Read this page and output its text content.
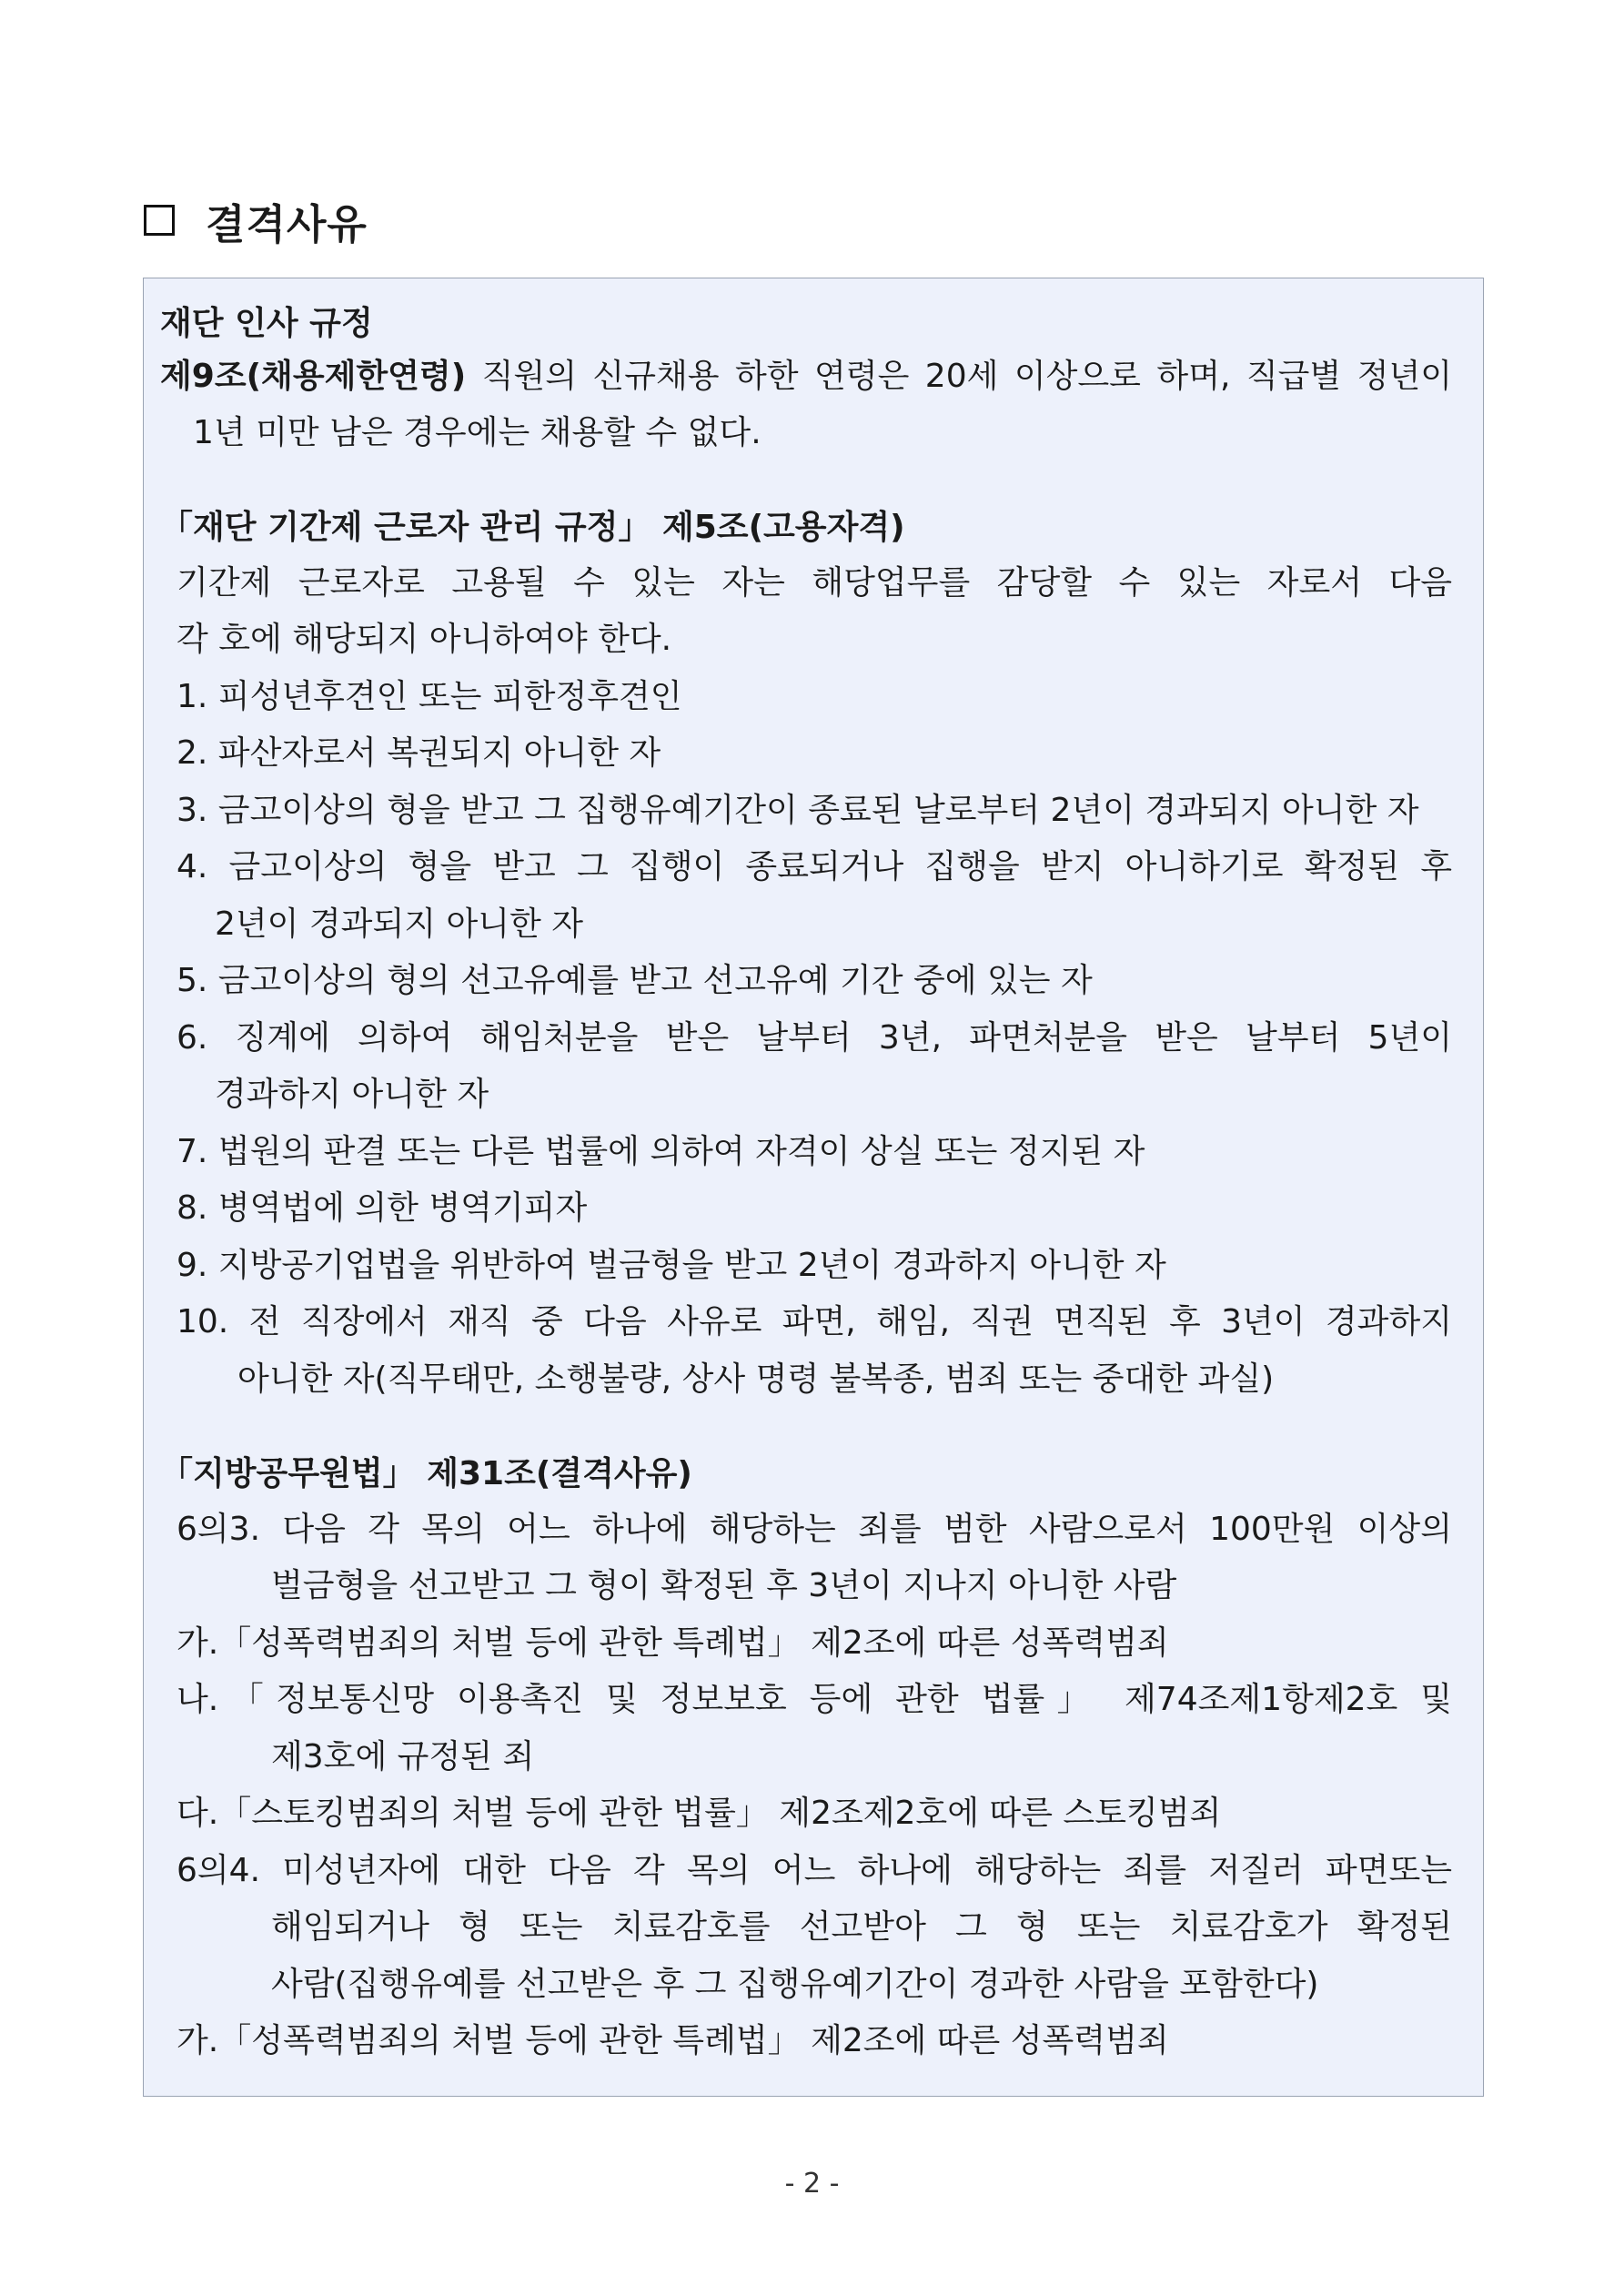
결격사유
재단 인사 규정
제9조(채용제한연령) 직원의 신규채용 하한 연령은 20세 이상으로 하며, 직급별 정년이
1년 미만 남은 경우에는 채용할 수 없다.
「재단 기간제 근로자 관리 규정」 제5조(고용자격)
기간제 근로자로 고용될 수 있는 자는 해당업무를 감당할 수 있는 자로서 다음
각 호에 해당되지 아니하여야 한다.
1. 피성년후견인 또는 피한정후견인
2. 파산자로서 복권되지 아니한 자
3. 금고이상의 형을 받고 그 집행유예기간이 종료된 날로부터 2년이 경과되지 아니한 자
4. 금고이상의 형을 받고 그 집행이 종료되거나 집행을 받지 아니하기로 확정된 후
2년이 경과되지 아니한 자
5. 금고이상의 형의 선고유예를 받고 선고유예 기간 중에 있는 자
6. 징계에 의하여 해임처분을 받은 날부터 3년, 파면처분을 받은 날부터 5년이
경과하지 아니한 자
7. 법원의 판결 또는 다른 법률에 의하여 자격이 상실 또는 정지된 자
8. 병역법에 의한 병역기피자
9. 지방공기업법을 위반하여 벌금형을 받고 2년이 경과하지 아니한 자
10. 전 직장에서 재직 중 다음 사유로 파면, 해임, 직권 면직된 후 3년이 경과하지
아니한 자(직무태만, 소행불량, 상사 명령 불복종, 범죄 또는 중대한 과실)
「지방공무원법」 제31조(결격사유)
6의3. 다음 각 목의 어느 하나에 해당하는 죄를 범한 사람으로서 100만원 이상의
벌금형을 선고받고 그 형이 확정된 후 3년이 지나지 아니한 사람
가.「성폭력범죄의 처벌 등에 관한 특례법」 제2조에 따른 성폭력범죄
나.「정보통신망 이용촉진 및 정보보호 등에 관한 법률」 제74조제1항제2호 및
제3호에 규정된 죄
다.「스토킹범죄의 처벌 등에 관한 법률」 제2조제2호에 따른 스토킹범죄
6의4. 미성년자에 대한 다음 각 목의 어느 하나에 해당하는 죄를 저질러 파면또는
해임되거나 형 또는 치료감호를 선고받아 그 형 또는 치료감호가 확정된
사람(집행유예를 선고받은 후 그 집행유예기간이 경과한 사람을 포함한다)
가.「성폭력범죄의 처벌 등에 관한 특례법」 제2조에 따른 성폭력범죄
- 2 -
